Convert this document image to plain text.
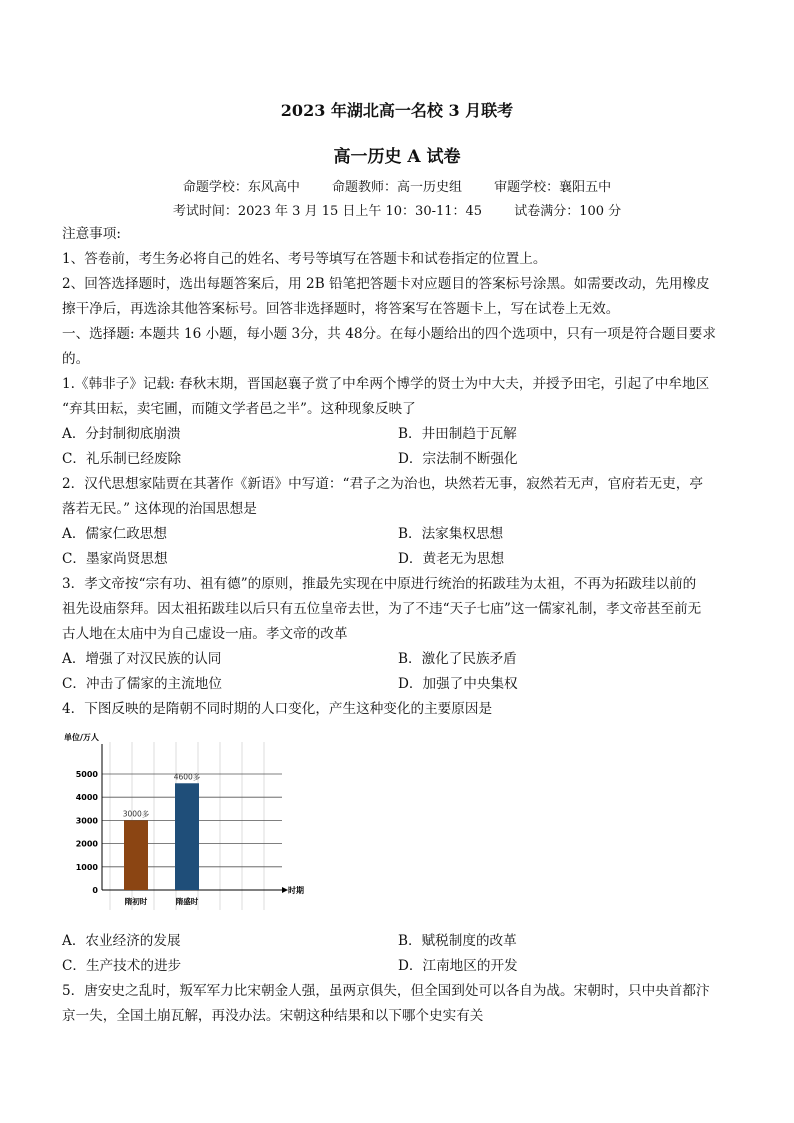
2023 年湖北高一名校 3 月联考
高一历史 A 试卷
命题学校：东风高中 命题教师：高一历史组 审题学校：襄阳五中
考试时间：2023 年 3 月 15 日上午 10：30-11：45 试卷满分：100 分
注意事项:
1、答卷前，考生务必将自己的姓名、考号等填写在答题卡和试卷指定的位置上。
2、回答选择题时，选出每题答案后，用 2B 铅笔把答题卡对应题目的答案标号涂黑。如需要改动，先用橡皮
擦干净后，再选涂其他答案标号。回答非选择题时，将答案写在答题卡上，写在试卷上无效。
一、选择题: 本题共 16 小题，每小题 3分，共 48分。在每小题给出的四个选项中，只有一项是符合题目要求
的。
1.《韩非子》记载: 春秋末期，晋国赵襄子赏了中牟两个博学的贤士为中大夫，并授予田宅，引起了中牟地区
“弃其田耘，卖宅圃，而随文学者邑之半”。这种现象反映了
A．分封制彻底崩溃	B．井田制趋于瓦解
C．礼乐制已经废除	D．宗法制不断强化
2．汉代思想家陆贾在其著作《新语》中写道：“君子之为治也，块然若无事，寂然若无声，官府若无吏，亭
落若无民。” 这体现的治国思想是
A．儒家仁政思想	B．法家集权思想
C．墨家尚贤思想	D．黄老无为思想
3．孝文帝按“宗有功、祖有德”的原则，推最先实现在中原进行统治的拓跋珪为太祖，不再为拓跋珪以前的
祖先设庙祭拜。因太祖拓跋珪以后只有五位皇帝去世，为了不违“天子七庙”这一儒家礼制，孝文帝甚至前无
古人地在太庙中为自己虚设一庙。孝文帝的改革
A．增强了对汉民族的认同	B．激化了民族矛盾
C．冲击了儒家的主流地位	D．加强了中央集权
4．下图反映的是隋朝不同时期的人口变化，产生这种变化的主要原因是
0
1000
2000
3000
4000
5000
单位/万人
时期
3000多
隋初时
4600多
隋盛时
A．农业经济的发展	B．赋税制度的改革
C．生产技术的进步	D．江南地区的开发
5．唐安史之乱时，叛军军力比宋朝金人强，虽两京俱失，但全国到处可以各自为战。宋朝时，只中央首都汴
京一失，全国土崩瓦解，再没办法。宋朝这种结果和以下哪个史实有关
